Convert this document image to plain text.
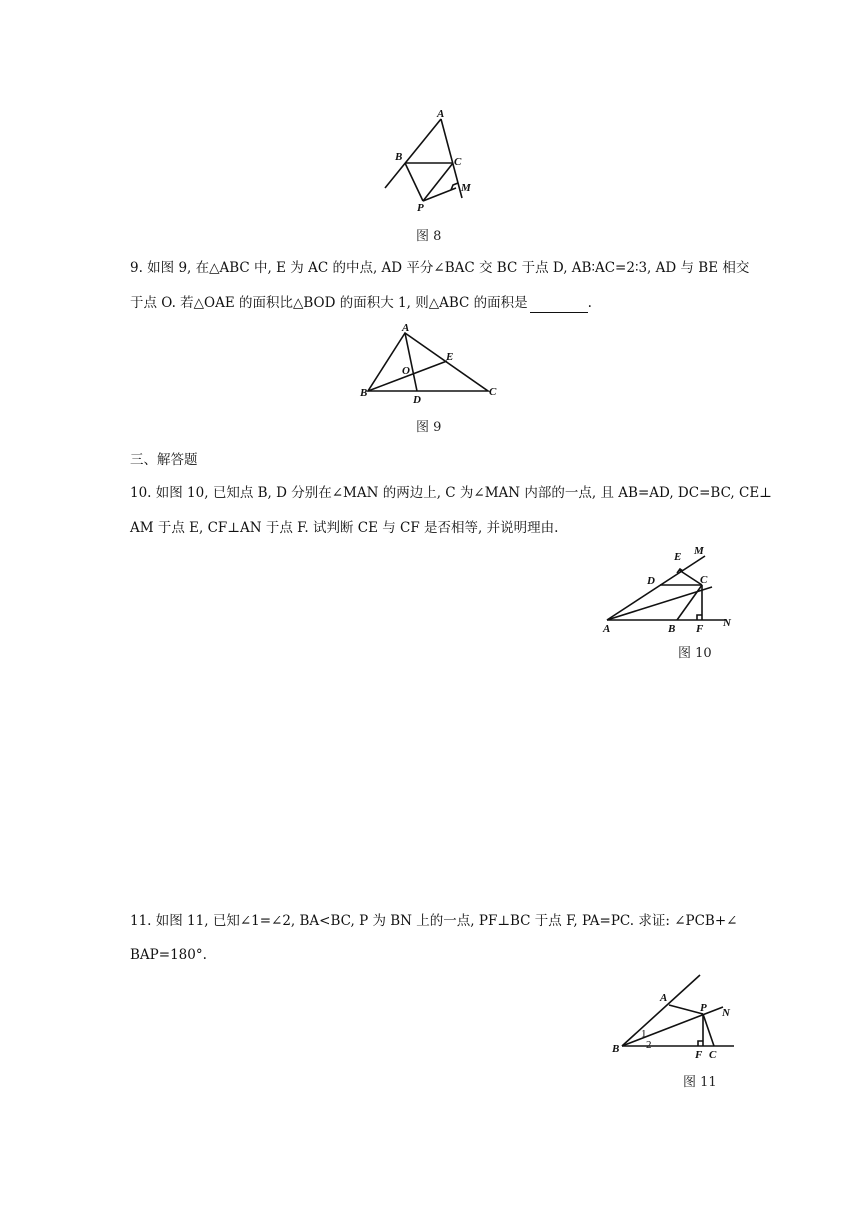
A
B	C
M
P
图 8
9. 如图 9, 在△ABC 中, E 为 AC 的中点, AD 平分∠BAC 交 BC 于点 D, AB∶AC=2∶3, AD 与 BE 相交
于点 O. 若△OAE 的面积比△BOD 的面积大 1, 则△ABC 的面积是	.
A
B	C
D
E
O
图 9
三、解答题
10. 如图 10, 已知点 B, D 分别在∠MAN 的两边上, C 为∠MAN 内部的一点, 且 AB=AD, DC=BC, CE⊥
AM 于点 E, CF⊥AN 于点 F. 试判断 CE 与 CF 是否相等, 并说明理由.
E M
D	C
A	B F N
图 10
11. 如图 11, 已知∠1=∠2, BA<BC, P 为 BN 上的一点, PF⊥BC 于点 F, PA=PC. 求证: ∠PCB+∠
BAP=180°.
A
P N
B	F C
1
2
图 11
